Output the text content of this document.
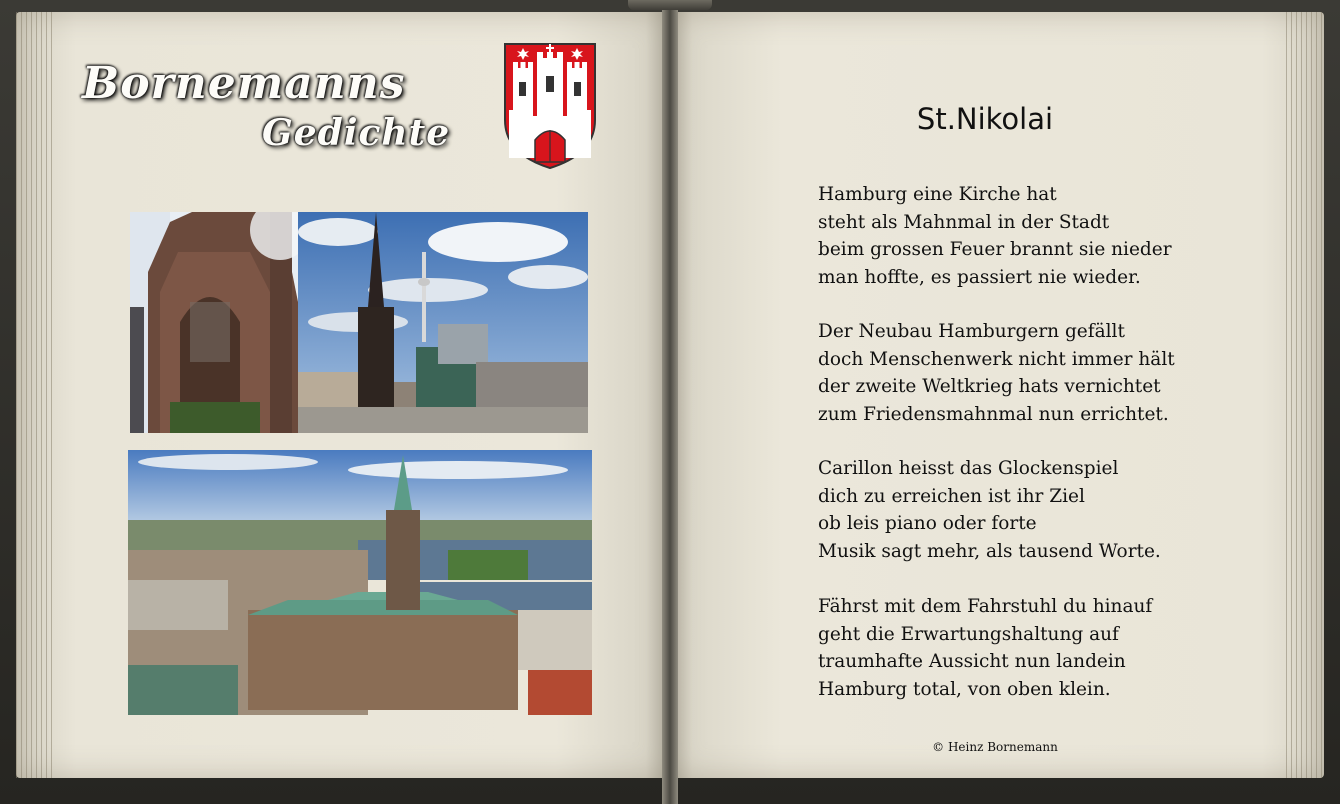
Bornemanns
Gedichte	St.Nikolai
Hamburg eine Kirche hat
steht als Mahnmal in der Stadt
beim grossen Feuer brannt sie nieder
man hoffte, es passiert nie wieder.
Der Neubau Hamburgern gefällt
doch Menschenwerk nicht immer hält
der zweite Weltkrieg hats vernichtet
zum Friedensmahnmal nun errichtet.
Carillon heisst das Glockenspiel
dich zu erreichen ist ihr Ziel
ob leis piano oder forte
Musik sagt mehr, als tausend Worte.
Fährst mit dem Fahrstuhl du hinauf
geht die Erwartungshaltung auf
traumhafte Aussicht nun landein
Hamburg total, von oben klein.
© Heinz Bornemann
